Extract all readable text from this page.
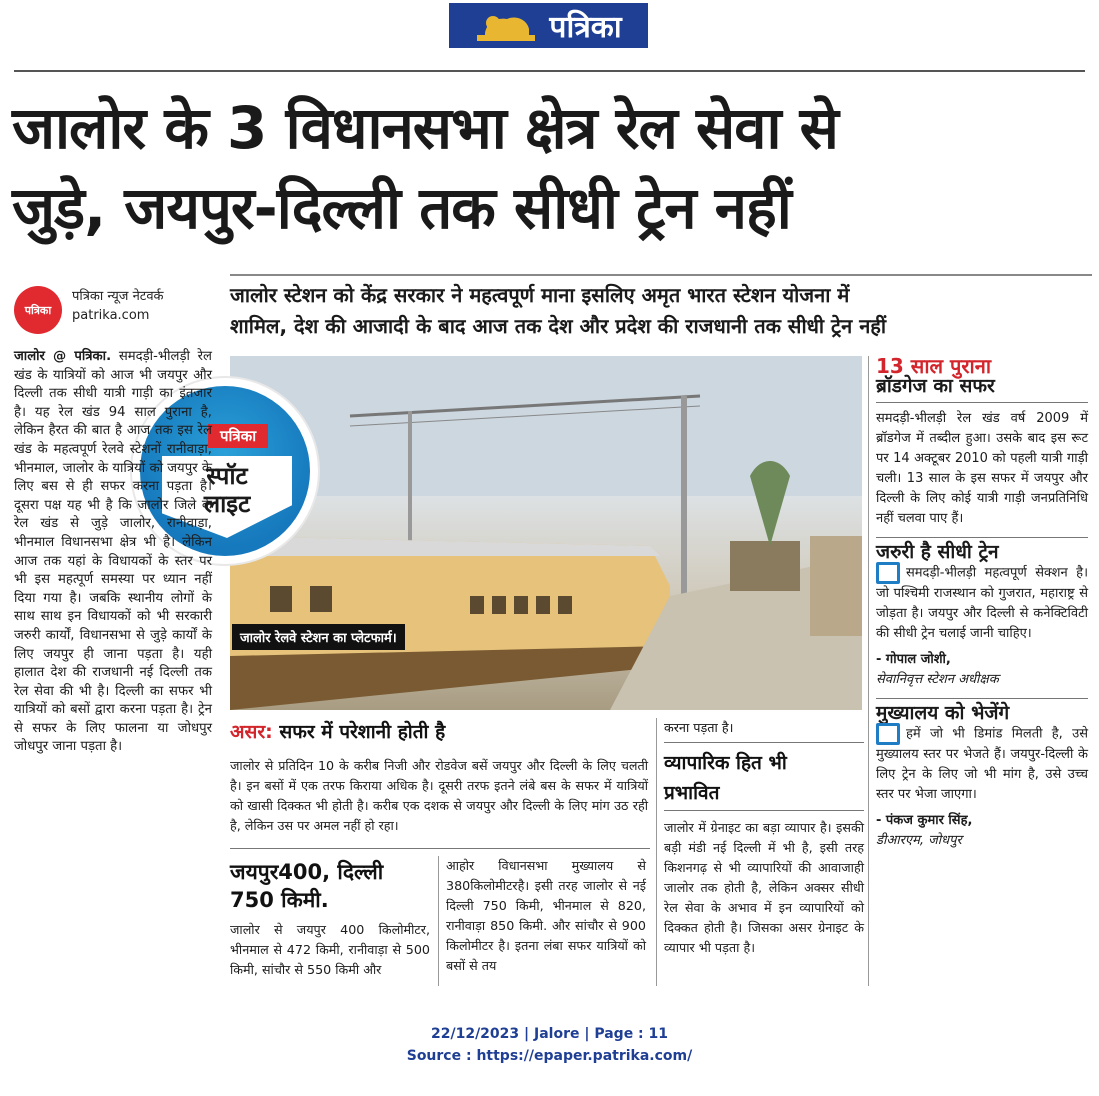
पत्रिका
जालोर के 3 विधानसभा क्षेत्र रेल सेवा से
जुड़े, जयपुर-दिल्ली तक सीधी ट्रेन नहीं
पत्रिका
पत्रिका न्यूज नेटवर्क
patrika.com
जालोर स्टेशन को केंद्र सरकार ने महत्वपूर्ण माना इसलिए अमृत भारत स्टेशन योजना में
शामिल, देश की आजादी के बाद आज तक देश और प्रदेश की राजधानी तक सीधी ट्रेन नहीं
जालोर रेलवे स्टेशन का प्लेटफार्म।
पत्रिका
स्पॉट
लाइट
जालोर @ पत्रिका. समदड़ी-भीलड़ी रेल खंड के यात्रियों को आज भी जयपुर और दिल्ली तक सीधी यात्री गाड़ी का इंतजार है। यह रेल खंड 94 साल पुराना है, लेकिन हैरत की बात है आज तक इस रेल खंड के महत्वपूर्ण रेलवे स्टेशनों रानीवाड़ा, भीनमाल, जालोर के यात्रियों को जयपुर के लिए बस से ही सफर करना पड़ता है। दूसरा पक्ष यह भी है कि जालोर जिले के रेल खंड से जुड़े जालोर, रानीवाड़ा, भीनमाल विधानसभा क्षेत्र भी है। लेकिन आज तक यहां के विधायकों के स्तर पर भी इस महत्पूर्ण समस्या पर ध्यान नहीं दिया गया है। जबकि स्थानीय लोगों के साथ साथ इन विधायकों को भी सरकारी जरुरी कार्यों, विधानसभा से जुड़े कार्यों के लिए जयपुर ही जाना पड़ता है। यही हालात देश की राजधानी नई दिल्ली तक रेल सेवा की भी है। दिल्ली का सफर भी यात्रियों को बसों द्वारा करना पड़ता है। ट्रेन से सफर के लिए फालना या जोधपुर जोधपुर जाना पड़ता है।
असर: सफर में परेशानी होती है
जालोर से प्रतिदिन 10 के करीब निजी और रोडवेज बसें जयपुर और दिल्ली के लिए चलती है। इन बसों में एक तरफ किराया अधिक है। दूसरी तरफ इतने लंबे बस के सफर में यात्रियों को खासी दिक्कत भी होती है। करीब एक दशक से जयपुर और दिल्ली के लिए मांग उठ रही है, लेकिन उस पर अमल नहीं हो रहा।
जयपुर400, दिल्ली
750 किमी.
जालोर से जयपुर 400 किलोमीटर, भीनमाल से 472 किमी, रानीवाड़ा से 500 किमी, सांचौर से 550 किमी और
आहोर विधानसभा मुख्यालय से 380किलोमीटरहै। इसी तरह जालोर से नई दिल्ली 750 किमी, भीनमाल से 820, रानीवाड़ा 850 किमी. और सांचौर से 900 किलोमीटर है। इतना लंबा सफर यात्रियों को बसों से तय
करना पड़ता है।
व्यापारिक हित भी
प्रभावित
जालोर में ग्रेनाइट का बड़ा व्यापार है। इसकी बड़ी मंडी नई दिल्ली में भी है, इसी तरह किशनगढ़ से भी व्यापारियों की आवाजाही जालोर तक होती है, लेकिन अक्सर सीधी रेल सेवा के अभाव में इन व्यापारियों को दिक्कत होती है। जिसका असर ग्रेनाइट के व्यापार भी पड़ता है।
13 साल पुराना
ब्रॉडगेज का सफर
समदड़ी-भीलड़ी रेल खंड वर्ष 2009 में ब्रॉडगेज में तब्दील हुआ। उसके बाद इस रूट पर 14 अक्टूबर 2010 को पहली यात्री गाड़ी चली। 13 साल के इस सफर में जयपुर और दिल्ली के लिए कोई यात्री गाड़ी जनप्रतिनिधि नहीं चलवा पाए हैं।
जरुरी है सीधी ट्रेन
समदड़ी-भीलड़ी महत्वपूर्ण सेक्शन है। जो पश्चिमी राजस्थान को गुजरात, महाराष्ट्र से जोड़ता है। जयपुर और दिल्ली से कनेक्टिविटी की सीधी ट्रेन चलाई जानी चाहिए।
- गोपाल जोशी,
सेवानिवृत्त स्टेशन अधीक्षक
मुख्यालय को भेजेंगे
हमें जो भी डिमांड मिलती है, उसे मुख्यालय स्तर पर भेजते हैं। जयपुर-दिल्ली के लिए ट्रेन के लिए जो भी मांग है, उसे उच्च स्तर पर भेजा जाएगा।
- पंकज कुमार सिंह,
डीआरएम, जोधपुर
22/12/2023 | Jalore | Page : 11
Source : https://epaper.patrika.com/
